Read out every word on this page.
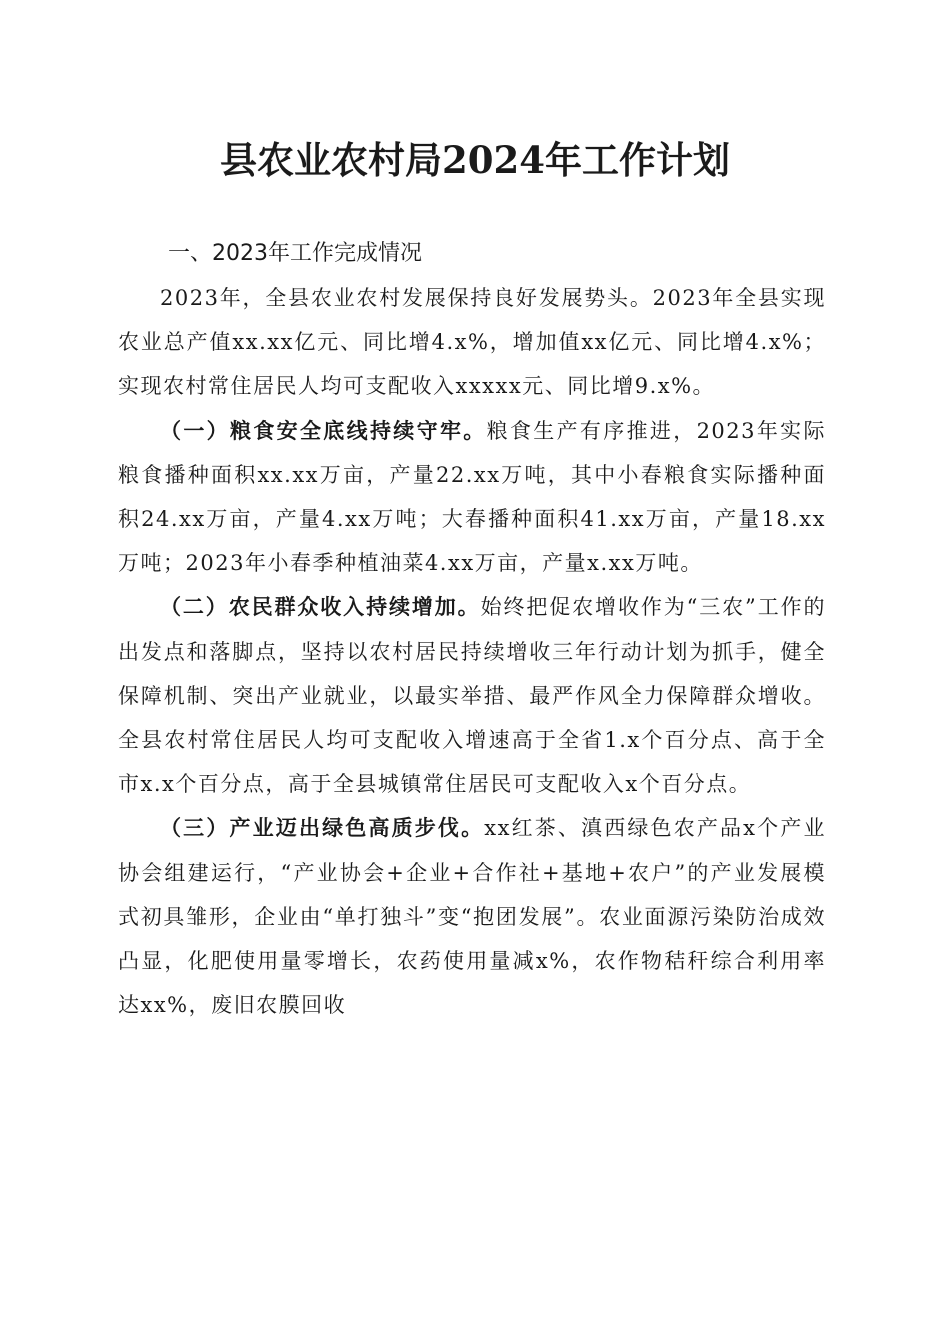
县农业农村局2024年工作计划
一、2023年工作完成情况

2023年，全县农业农村发展保持良好发展势头。2023年全县实现农业总产值xx.xx亿元、同比增4.x%，增加值xx亿元、同比增4.x%；实现农村常住居民人均可支配收入xxxxx元、同比增9.x%。

（一）粮食安全底线持续守牢。粮食生产有序推进，2023年实际粮食播种面积xx.xx万亩，产量22.xx万吨，其中小春粮食实际播种面积24.xx万亩，产量4.xx万吨；大春播种面积41.xx万亩，产量18.xx万吨；2023年小春季种植油菜4.xx万亩，产量x.xx万吨。

（二）农民群众收入持续增加。始终把促农增收作为“三农”工作的出发点和落脚点，坚持以农村居民持续增收三年行动计划为抓手，健全保障机制、突出产业就业，以最实举措、最严作风全力保障群众增收。全县农村常住居民人均可支配收入增速高于全省1.x个百分点、高于全市x.x个百分点，高于全县城镇常住居民可支配收入x个百分点。

（三）产业迈出绿色高质步伐。xx红茶、滇西绿色农产品x个产业协会组建运行，“产业协会+企业+合作社+基地+农户”的产业发展模式初具雏形，企业由“单打独斗”变“抱团发展”。农业面源污染防治成效凸显，化肥使用量零增长，农药使用量减x%，农作物秸秆综合利用率达xx%，废旧农膜回收
